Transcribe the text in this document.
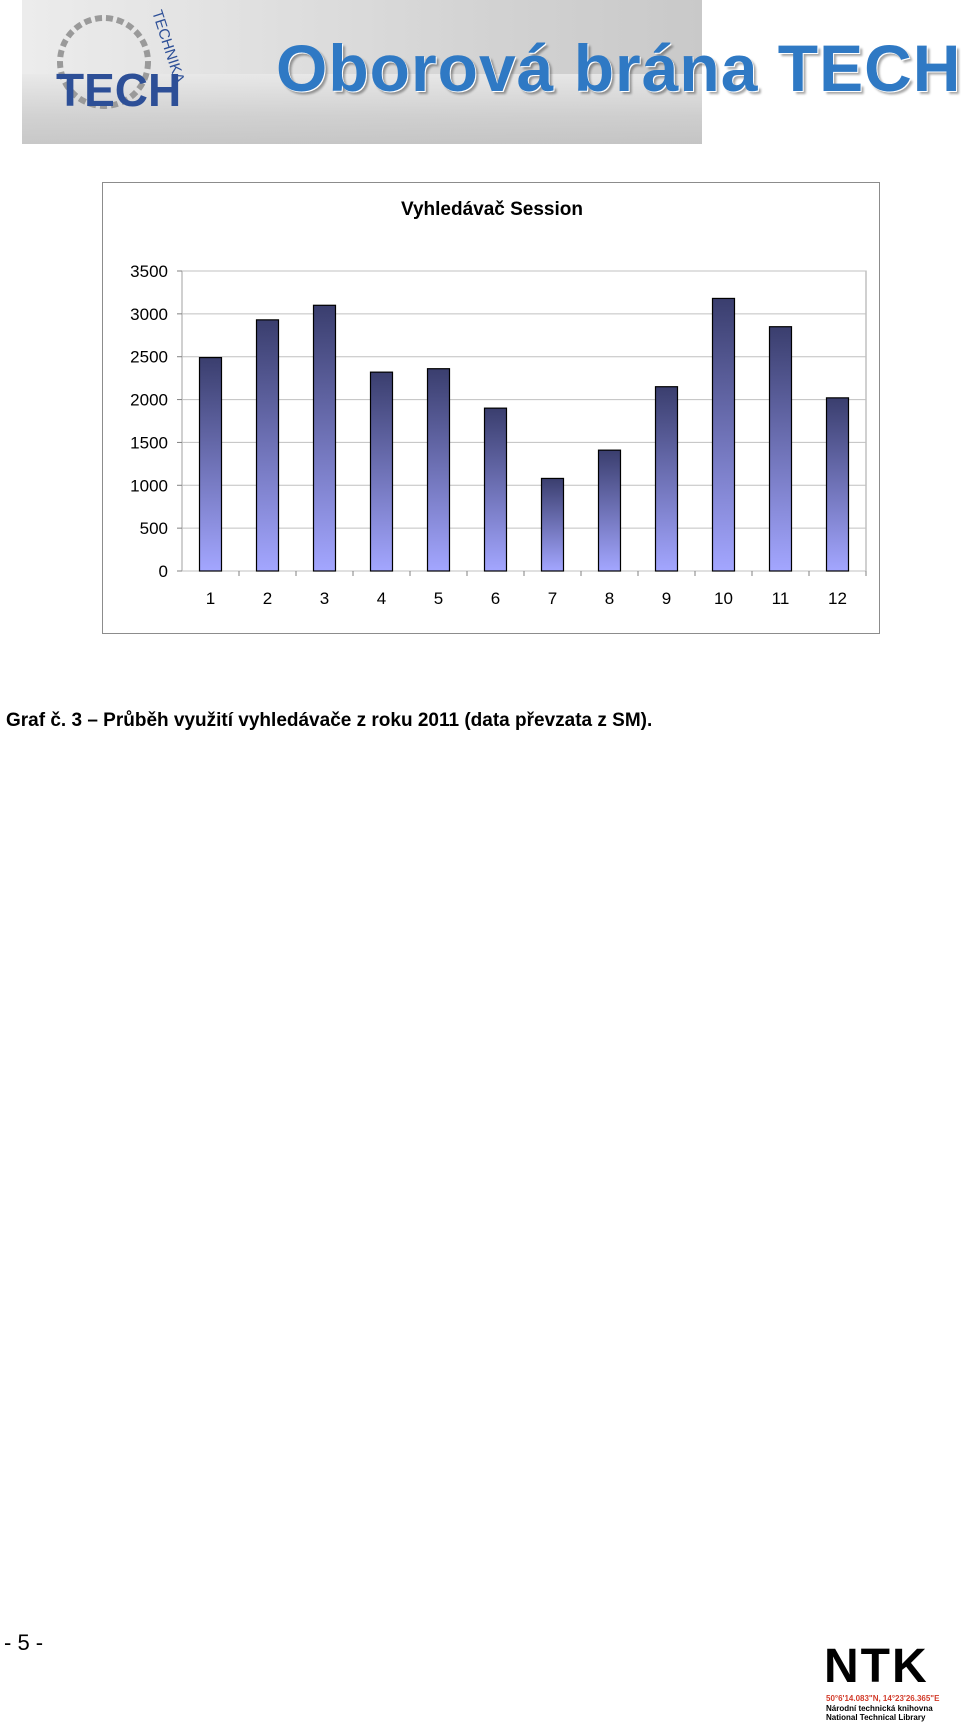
TECH
TECHNIKA Oborová brána TECH
0
500
1000
1500
2000
2500
3000
3500
1	2	3	4	5	6	7	8	9	10 11 12
Vyhledávač Session
Graf č. 3 – Průběh využití vyhledávače z roku 2011 (data převzata z SM).
- 5 -	NTK
50°6'14.083"N, 14°23'26.365"E
Národní technická knihovna
National Technical Library
